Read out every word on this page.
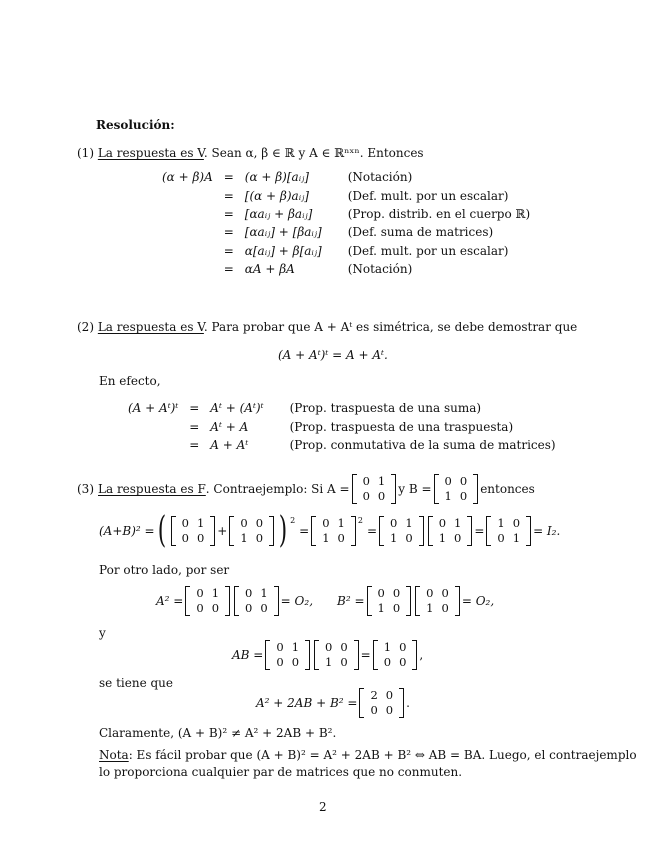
Resolución:
(1) La respuesta es V. Sean α, β ∈ ℝ y A ∈ ℝⁿˣⁿ. Entonces
(α + β)A	=	(α + β)[aᵢⱼ]	(Notación)
	=	[(α + β)aᵢⱼ]	(Def. mult. por un escalar)
	=	[αaᵢⱼ + βaᵢⱼ]	(Prop. distrib. en el cuerpo ℝ)
	=	[αaᵢⱼ] + [βaᵢⱼ]	(Def. suma de matrices)
	=	α[aᵢⱼ] + β[aᵢⱼ]	(Def. mult. por un escalar)
	=	αA + βA	(Notación)
(2) La respuesta es V. Para probar que A + Aᵗ es simétrica, se debe demostrar que
(A + Aᵗ)ᵗ = A + Aᵗ.
En efecto,
(A + Aᵗ)ᵗ	=	Aᵗ + (Aᵗ)ᵗ	(Prop. traspuesta de una suma)
	=	Aᵗ + A	(Prop. traspuesta de una traspuesta)
	=	A + Aᵗ	(Prop. conmutativa de la suma de matrices)
(3) La respuesta es F . Contraejemplo: Si A =
0	1
0	0 y B =
0	0
1	0 entonces
(A+B)² = ( 0	1
0	0 +
0	0
1	0 ) $^2$
=
0	1
1	0
$^2$
=
0	1
1	0
0	1
1	0 =
1	0
0	1 = I₂.
Por otro lado, por ser
A² =
0	1
0	0
0	1
0	0 = O₂, B² =
0	0
1	0
0	0
1	0 = O₂,
y
AB =
0	1
0	0
0	0
1	0 =
1	0
0	0 ,
se tiene que
A² + 2AB + B² =
2	0
0	0 .
Claramente, (A + B)² ≠ A² + 2AB + B².
Nota: Es fácil probar que (A + B)² = A² + 2AB + B² ⇔ AB = BA. Luego, el contraejemplo
lo proporciona cualquier par de matrices que no conmuten.
2
